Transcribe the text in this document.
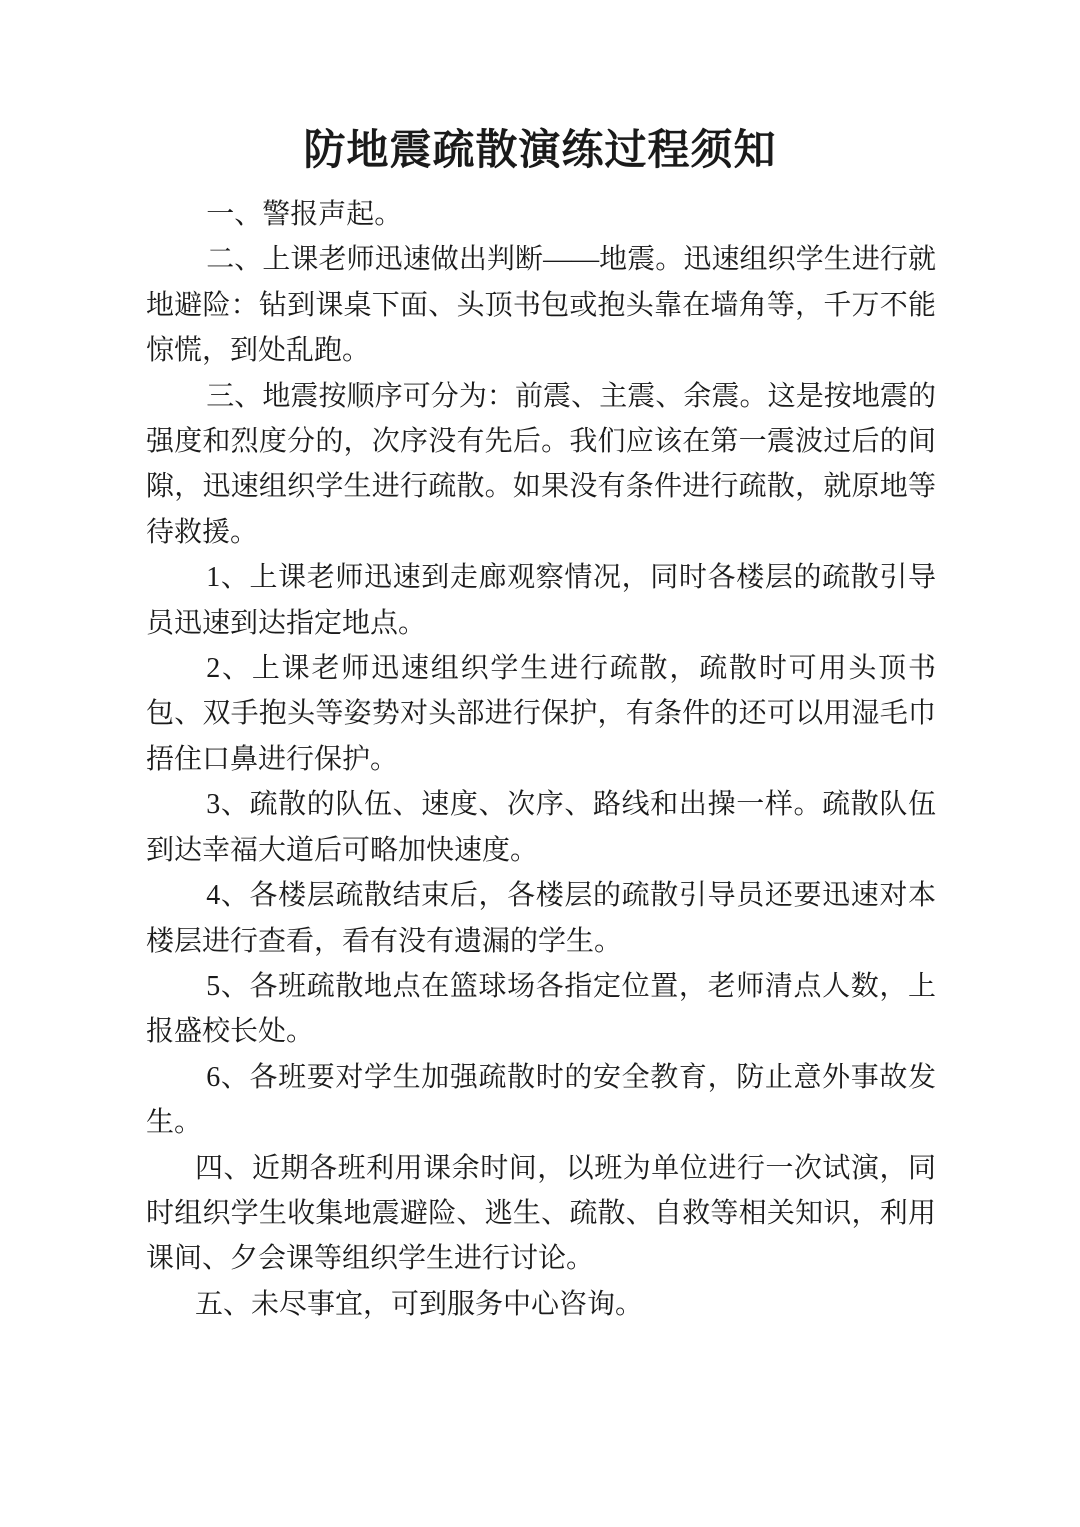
防地震疏散演练过程须知

一、警报声起。

二、上课老师迅速做出判断——地震。迅速组织学生进行就地避险：钻到课桌下面、头顶书包或抱头靠在墙角等，千万不能惊慌，到处乱跑。

三、地震按顺序可分为：前震、主震、余震。这是按地震的强度和烈度分的，次序没有先后。我们应该在第一震波过后的间隙，迅速组织学生进行疏散。如果没有条件进行疏散，就原地等待救援。

1、上课老师迅速到走廊观察情况，同时各楼层的疏散引导员迅速到达指定地点。

2、上课老师迅速组织学生进行疏散，疏散时可用头顶书包、双手抱头等姿势对头部进行保护，有条件的还可以用湿毛巾捂住口鼻进行保护。

3、疏散的队伍、速度、次序、路线和出操一样。疏散队伍到达幸福大道后可略加快速度。

4、各楼层疏散结束后，各楼层的疏散引导员还要迅速对本楼层进行查看，看有没有遗漏的学生。

5、各班疏散地点在篮球场各指定位置，老师清点人数，上报盛校长处。

6、各班要对学生加强疏散时的安全教育，防止意外事故发生。

四、近期各班利用课余时间，以班为单位进行一次试演，同时组织学生收集地震避险、逃生、疏散、自救等相关知识，利用课间、夕会课等组织学生进行讨论。

五、未尽事宜，可到服务中心咨询。
